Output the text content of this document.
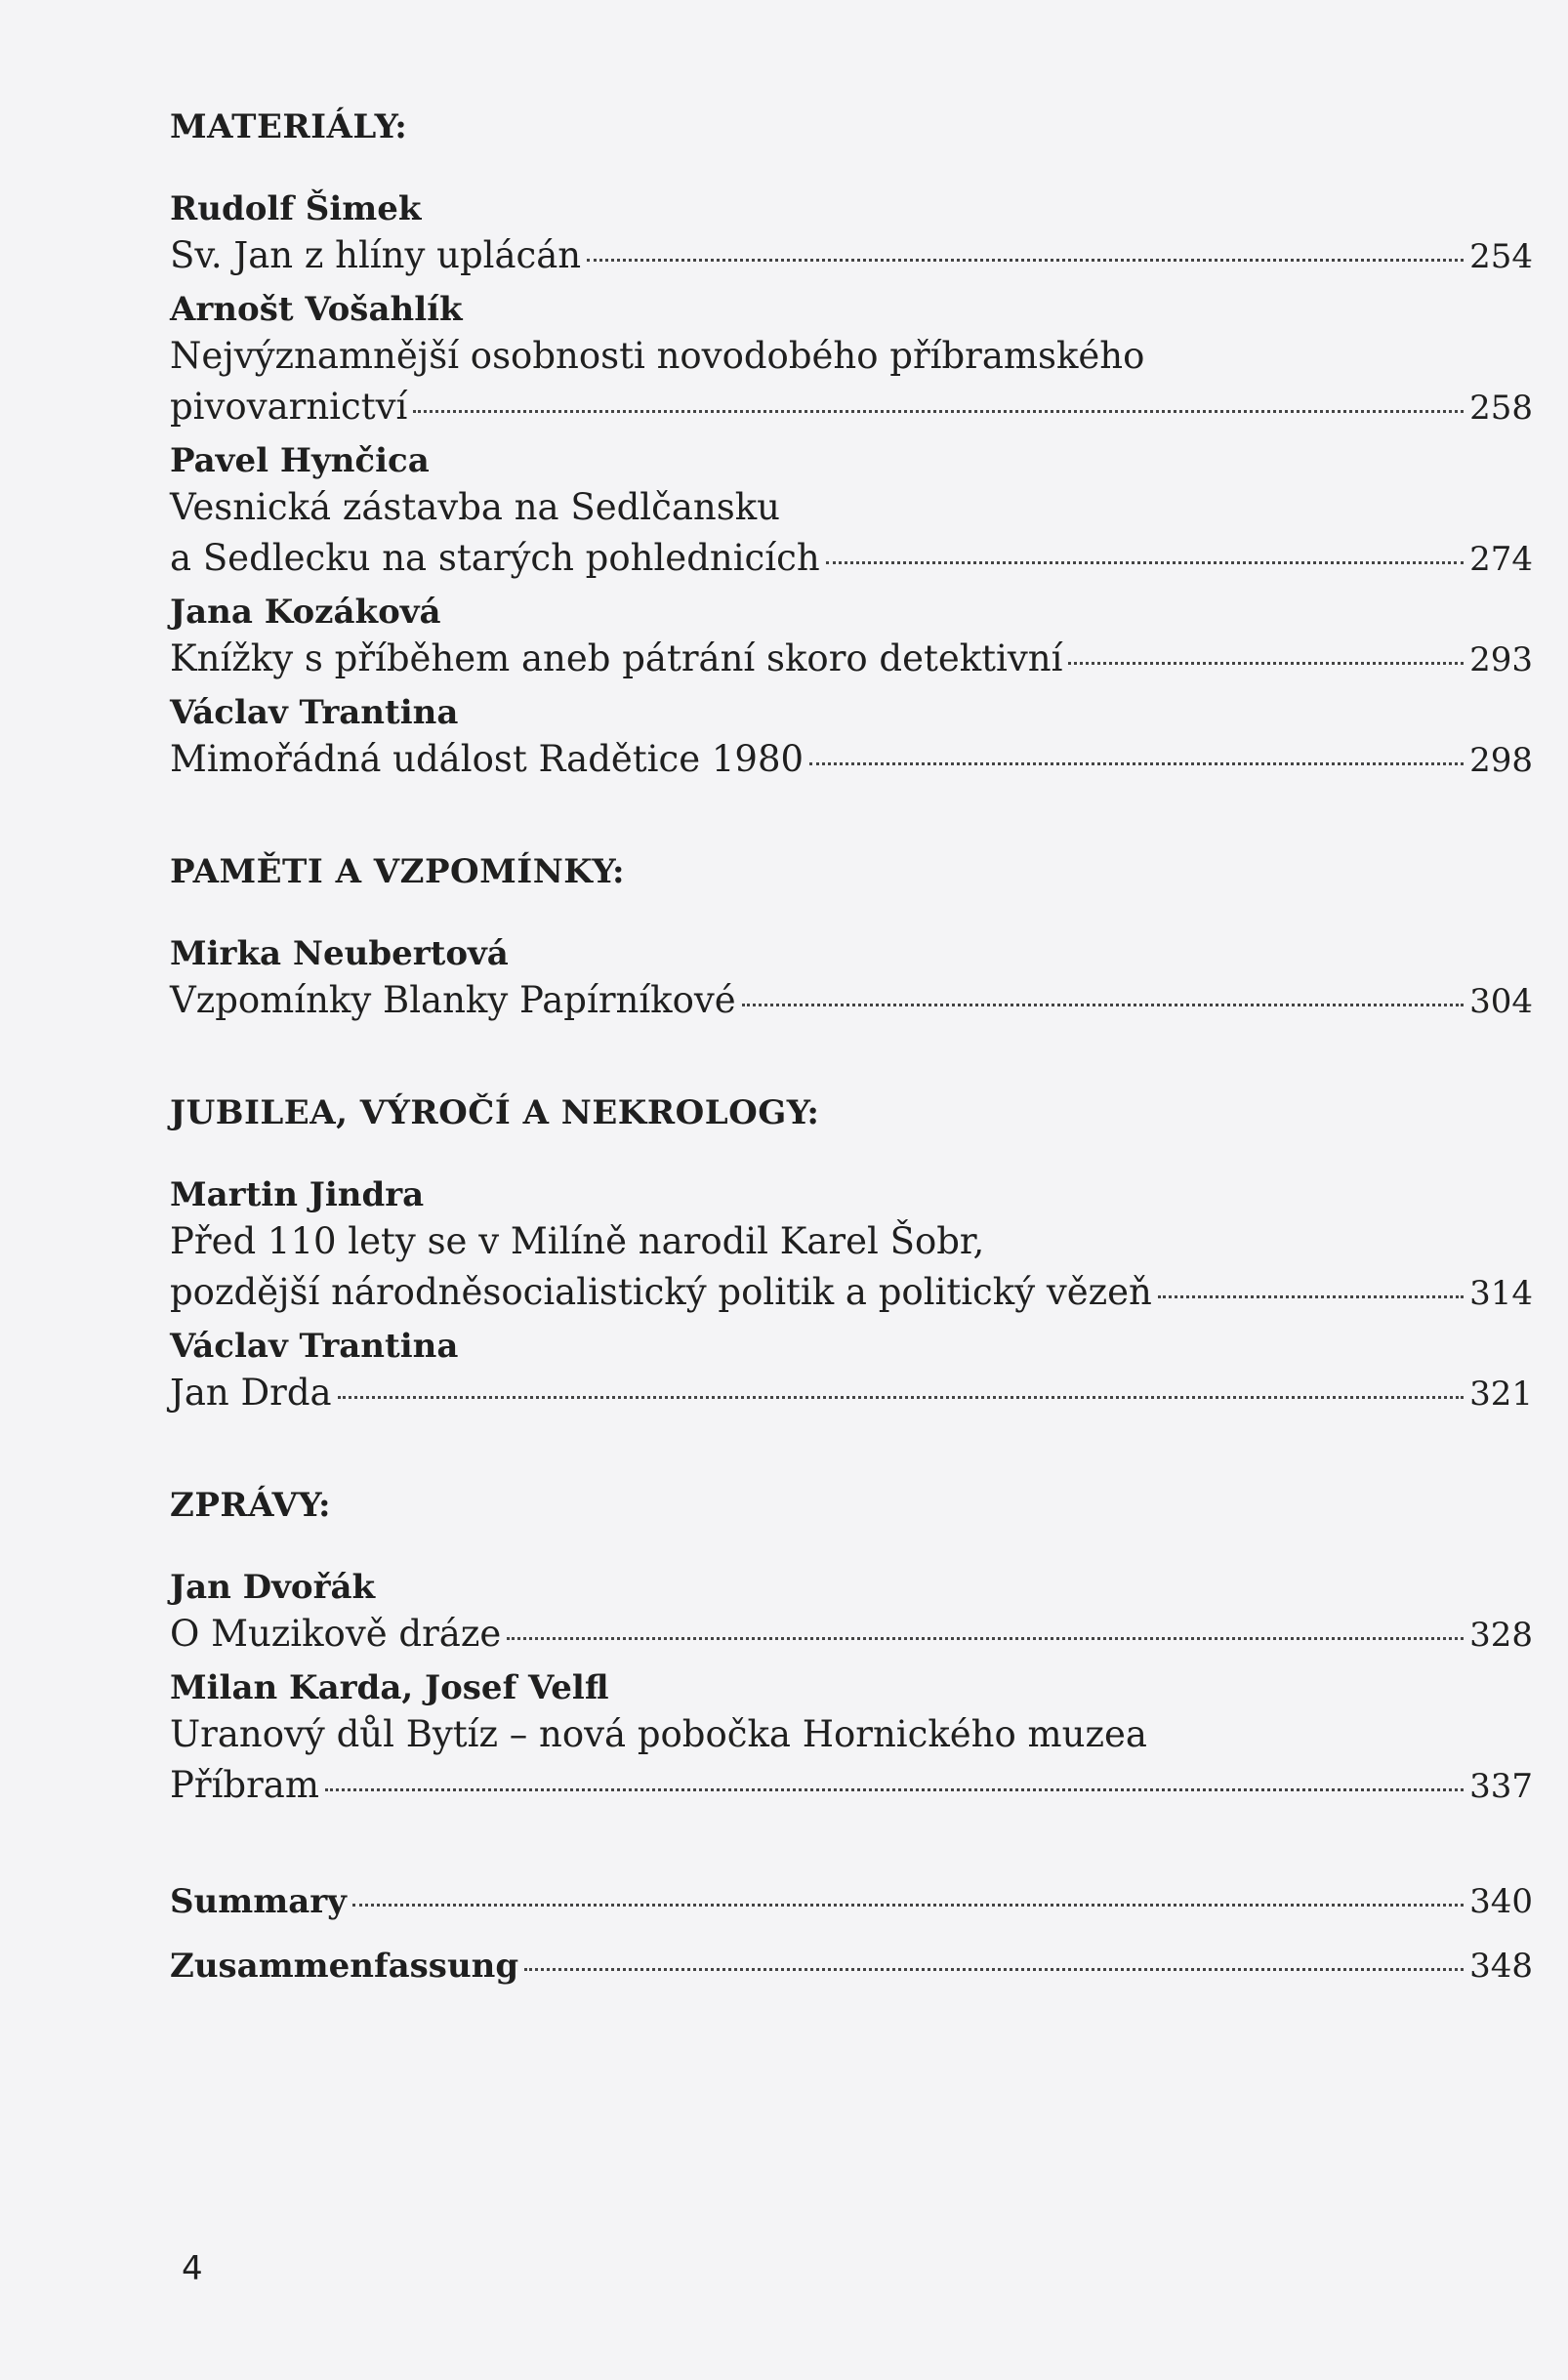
MATERIÁLY:
Rudolf Šimek
Sv. Jan z hlíny uplácán	254
Arnošt Vošahlík
Nejvýznamnější osobnosti novodobého příbramského
pivovarnictví	258
Pavel Hynčica
Vesnická zástavba na Sedlčansku
a Sedlecku na starých pohlednicích	274
Jana Kozáková
Knížky s příběhem aneb pátrání skoro detektivní	293
Václav Trantina
Mimořádná událost Radětice 1980	298
PAMĚTI A VZPOMÍNKY:
Mirka Neubertová
Vzpomínky Blanky Papírníkové	304
JUBILEA, VÝROČÍ A NEKROLOGY:
Martin Jindra
Před 110 lety se v Milíně narodil Karel Šobr,
pozdější národněsocialistický politik a politický vězeň	314
Václav Trantina
Jan Drda	321
ZPRÁVY:
Jan Dvořák
O Muzikově dráze	328
Milan Karda, Josef Velfl
Uranový důl Bytíz – nová pobočka Hornického muzea
Příbram	337
Summary	340
Zusammenfassung	348
4
